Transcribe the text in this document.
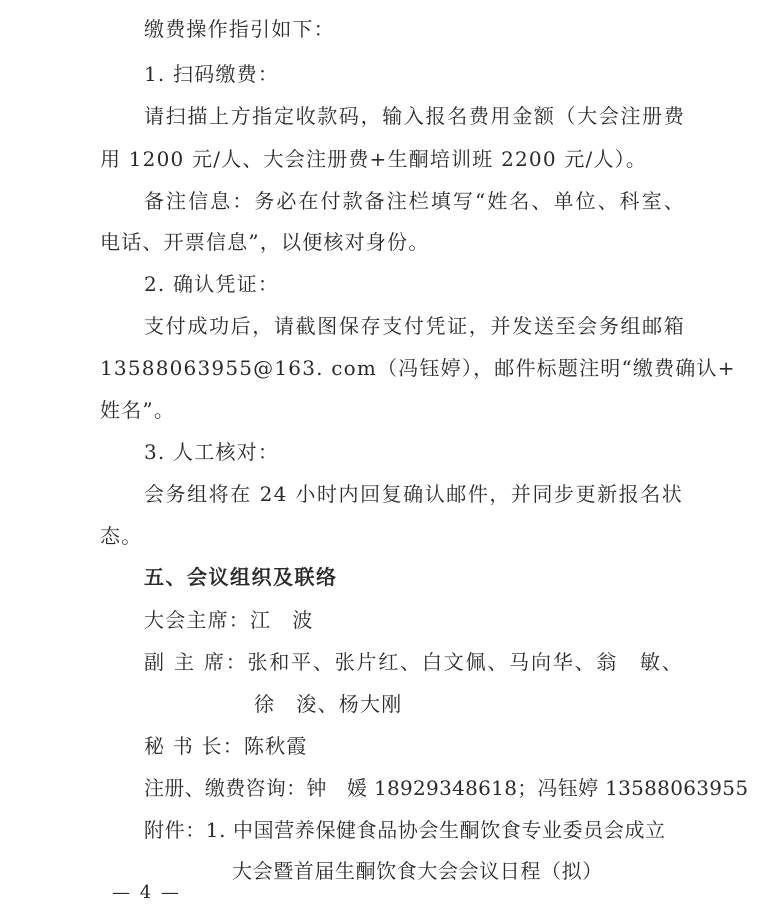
缴费操作指引如下：
1. 扫码缴费：
请扫描上方指定收款码，输入报名费用金额（大会注册费
用 1200 元/人、大会注册费+生酮培训班 2200 元/人）。
备注信息：务必在付款备注栏填写“姓名、单位、科室、
电话、开票信息”，以便核对身份。
2. 确认凭证：
支付成功后，请截图保存支付凭证，并发送至会务组邮箱
13588063955@163. com（冯钰婷），邮件标题注明“缴费确认+
姓名”。
3. 人工核对：
会务组将在 24 小时内回复确认邮件，并同步更新报名状
态。
五、会议组织及联络
大会主席：江　波
副 主 席：张和平、张片红、白文佩、马向华、翁　敏、
徐　浚、杨大刚
秘 书 长：陈秋霞
注册、缴费咨询：钟　媛 18929348618；冯钰婷 13588063955
附件：1. 中国营养保健食品协会生酮饮食专业委员会成立
大会暨首届生酮饮食大会会议日程（拟）
— 4 —
